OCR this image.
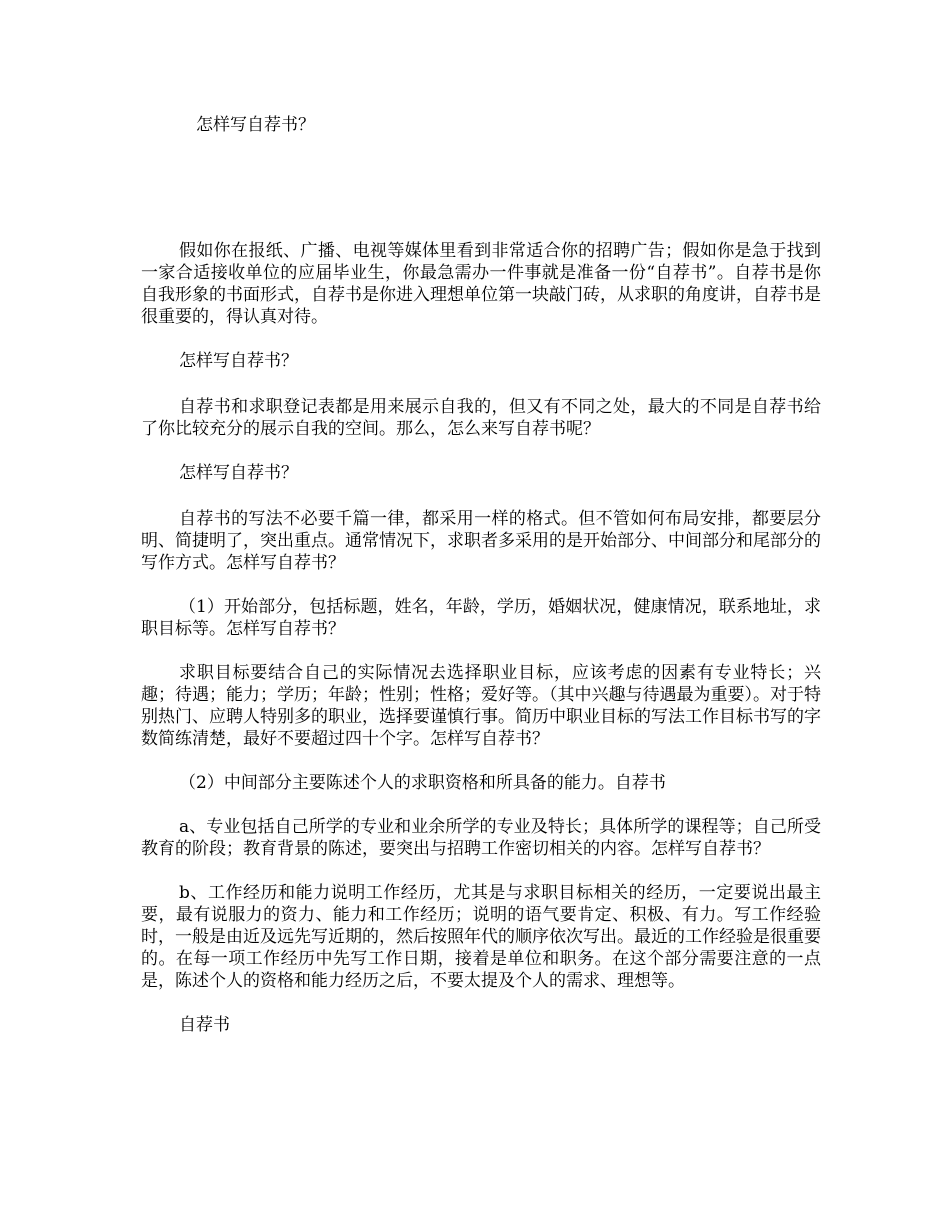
怎样写自荐书？

假如你在报纸、广播、电视等媒体里看到非常适合你的招聘广告；假如你是急于找到一家合适接收单位的应届毕业生，你最急需办一件事就是准备一份“自荐书”。自荐书是你自我形象的书面形式，自荐书是你进入理想单位第一块敲门砖，从求职的角度讲，自荐书是很重要的，得认真对待。

怎样写自荐书？

自荐书和求职登记表都是用来展示自我的，但又有不同之处，最大的不同是自荐书给了你比较充分的展示自我的空间。那么，怎么来写自荐书呢？

怎样写自荐书？

自荐书的写法不必要千篇一律，都采用一样的格式。但不管如何布局安排，都要层分明、简捷明了，突出重点。通常情况下，求职者多采用的是开始部分、中间部分和尾部分的写作方式。怎样写自荐书？

（1）开始部分，包括标题，姓名，年龄，学历，婚姻状况，健康情况，联系地址，求职目标等。怎样写自荐书？

求职目标要结合自己的实际情况去选择职业目标，应该考虑的因素有专业特长；兴趣；待遇；能力；学历；年龄；性别；性格；爱好等。（其中兴趣与待遇最为重要）。对于特别热门、应聘人特别多的职业，选择要谨慎行事。简历中职业目标的写法工作目标书写的字数简练清楚，最好不要超过四十个字。怎样写自荐书？

（2）中间部分主要陈述个人的求职资格和所具备的能力。自荐书

a、专业包括自己所学的专业和业余所学的专业及特长；具体所学的课程等；自己所受教育的阶段；教育背景的陈述，要突出与招聘工作密切相关的内容。怎样写自荐书？

b、工作经历和能力说明工作经历，尤其是与求职目标相关的经历，一定要说出最主要，最有说服力的资力、能力和工作经历；说明的语气要肯定、积极、有力。写工作经验时，一般是由近及远先写近期的，然后按照年代的顺序依次写出。最近的工作经验是很重要的。在每一项工作经历中先写工作日期，接着是单位和职务。在这个部分需要注意的一点是，陈述个人的资格和能力经历之后，不要太提及个人的需求、理想等。

自荐书
